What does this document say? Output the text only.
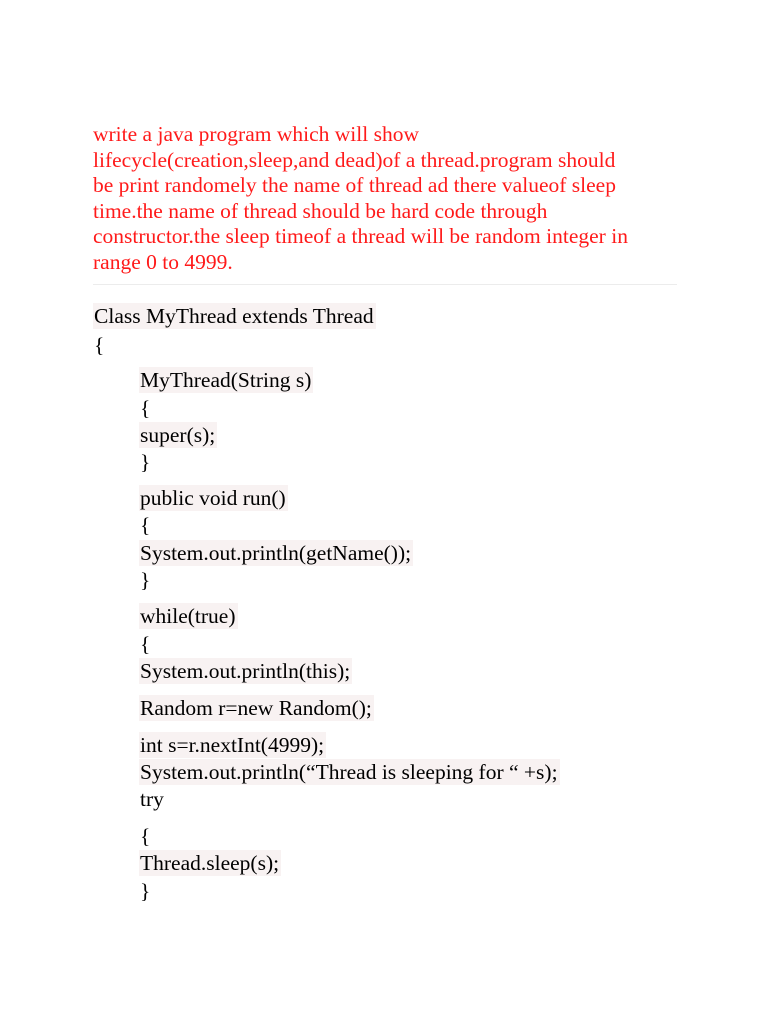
write a java program which will show
lifecycle(creation,sleep,and dead)of a thread.program should
be print randomely the name of thread ad there valueof sleep
time.the name of thread should be hard code through
constructor.the sleep timeof a thread will be random integer in
range 0 to 4999.
Class MyThread extends Thread
{
MyThread(String s)
{
super(s);
}
public void run()
{
System.out.println(getName());
}
while(true)
{
System.out.println(this);
Random r=new Random();
int s=r.nextInt(4999);
System.out.println(“Thread is sleeping for “ +s);
try
{
Thread.sleep(s);
}
